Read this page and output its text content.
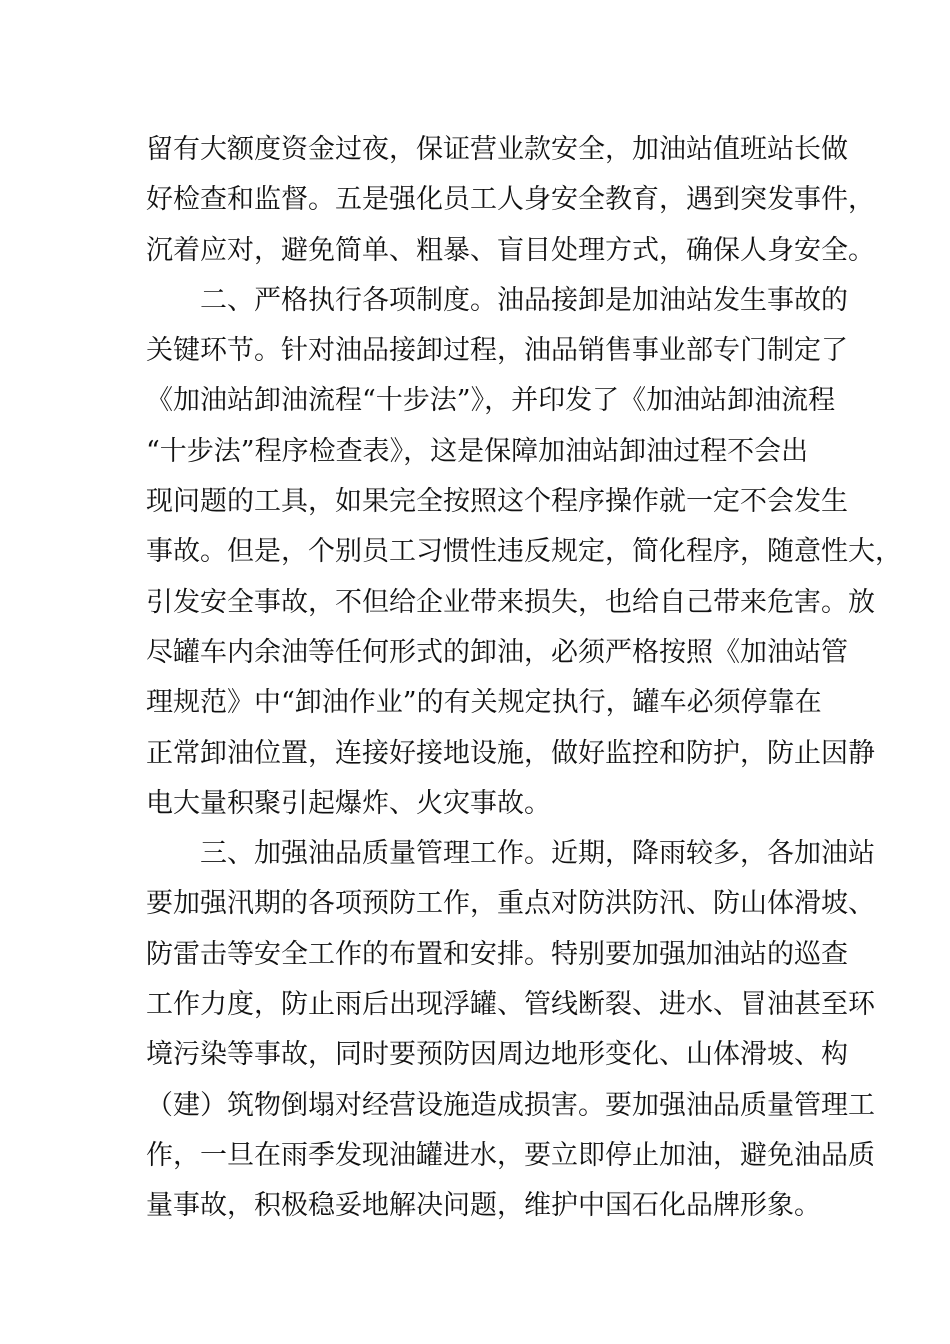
留有大额度资金过夜，保证营业款安全，加油站值班站长做
好检查和监督。五是强化员工人身安全教育，遇到突发事件，
沉着应对，避免简单、粗暴、盲目处理方式，确保人身安全。
二、严格执行各项制度。油品接卸是加油站发生事故的
关键环节。针对油品接卸过程，油品销售事业部专门制定了
《加油站卸油流程“十步法”》，并印发了《加油站卸油流程
“十步法”程序检查表》，这是保障加油站卸油过程不会出
现问题的工具，如果完全按照这个程序操作就一定不会发生
事故。但是，个别员工习惯性违反规定，简化程序，随意性大，
引发安全事故，不但给企业带来损失，也给自己带来危害。放
尽罐车内余油等任何形式的卸油，必须严格按照《加油站管
理规范》中“卸油作业”的有关规定执行，罐车必须停靠在
正常卸油位置，连接好接地设施，做好监控和防护，防止因静
电大量积聚引起爆炸、火灾事故。
三、加强油品质量管理工作。近期，降雨较多，各加油站
要加强汛期的各项预防工作，重点对防洪防汛、防山体滑坡、
防雷击等安全工作的布置和安排。特别要加强加油站的巡查
工作力度，防止雨后出现浮罐、管线断裂、进水、冒油甚至环
境污染等事故，同时要预防因周边地形变化、山体滑坡、构
（建）筑物倒塌对经营设施造成损害。要加强油品质量管理工
作，一旦在雨季发现油罐进水，要立即停止加油，避免油品质
量事故，积极稳妥地解决问题，维护中国石化品牌形象。
